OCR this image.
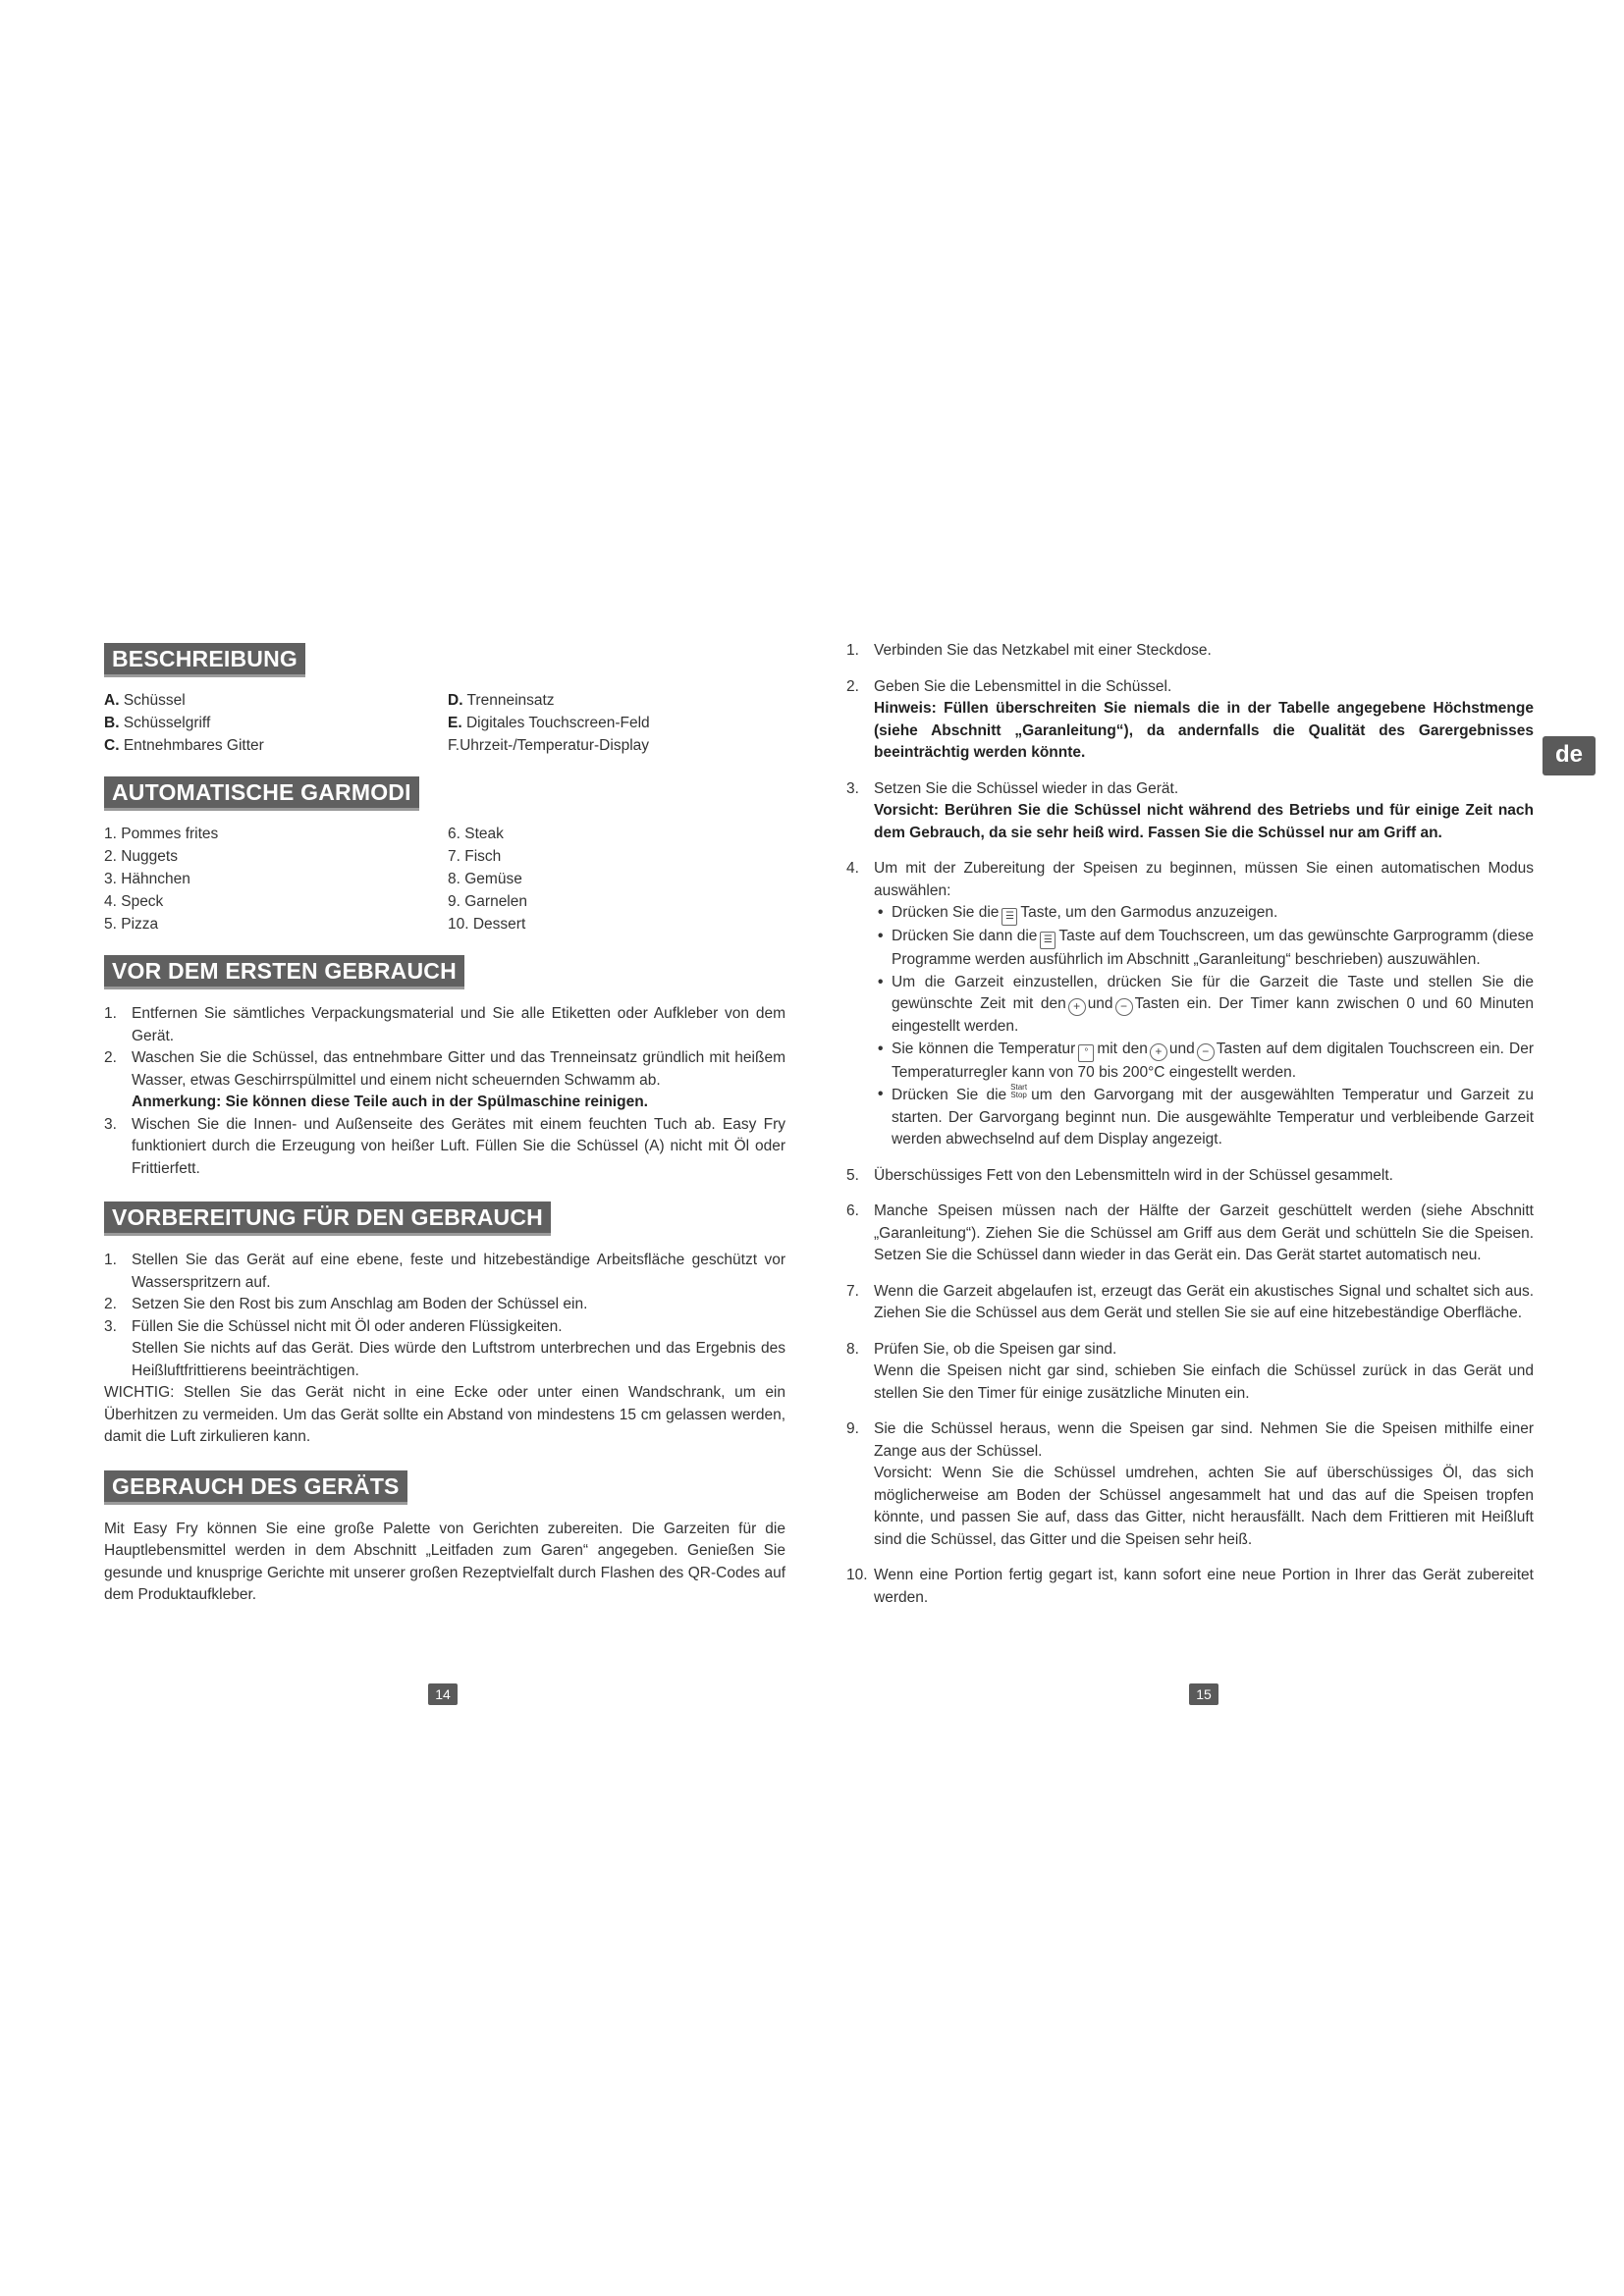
BESCHREIBUNG
A. Schüssel	D. Trenneinsatz
B. Schüsselgriff	E. Digitales Touchscreen-Feld
C. Entnehmbares Gitter	F.Uhrzeit-/Temperatur-Display
AUTOMATISCHE GARMODI
1. Pommes frites	6. Steak
2. Nuggets	7. Fisch
3. Hähnchen	8. Gemüse
4. Speck	9. Garnelen
5. Pizza	10. Dessert
VOR DEM ERSTEN GEBRAUCH
1. Entfernen Sie sämtliches Verpackungsmaterial und Sie alle Etiketten oder Aufkleber von dem Gerät.
2. Waschen Sie die Schüssel, das entnehmbare Gitter und das Trenneinsatz gründlich mit heißem Wasser, etwas Geschirrspülmittel und einem nicht scheuernden Schwamm ab.
Anmerkung: Sie können diese Teile auch in der Spülmaschine reinigen.
3. Wischen Sie die Innen- und Außenseite des Gerätes mit einem feuchten Tuch ab. Easy Fry funktioniert durch die Erzeugung von heißer Luft. Füllen Sie die Schüssel (A) nicht mit Öl oder Frittierfett.
VORBEREITUNG FÜR DEN GEBRAUCH
1. Stellen Sie das Gerät auf eine ebene, feste und hitzebeständige Arbeitsfläche geschützt vor Wasserspritzern auf.
2. Setzen Sie den Rost bis zum Anschlag am Boden der Schüssel ein.
3. Füllen Sie die Schüssel nicht mit Öl oder anderen Flüssigkeiten.
Stellen Sie nichts auf das Gerät. Dies würde den Luftstrom unterbrechen und das Ergebnis des Heißluftfrittierens beeinträchtigen.

WICHTIG: Stellen Sie das Gerät nicht in eine Ecke oder unter einen Wandschrank, um ein Überhitzen zu vermeiden. Um das Gerät sollte ein Abstand von mindestens 15 cm gelassen werden, damit die Luft zirkulieren kann.

GEBRAUCH DES GERÄTS

Mit Easy Fry können Sie eine große Palette von Gerichten zubereiten. Die Garzeiten für die Hauptlebensmittel werden in dem Abschnitt „Leitfaden zum Garen“ angegeben. Genießen Sie gesunde und knusprige Gerichte mit unserer großen Rezeptvielfalt durch Flashen des QR-Codes auf dem Produktaufkleber.

1. Verbinden Sie das Netzkabel mit einer Steckdose.
2. Geben Sie die Lebensmittel in die Schüssel.
Hinweis: Füllen überschreiten Sie niemals die in der Tabelle angegebene Höchstmenge (siehe Abschnitt „Garanleitung“), da andernfalls die Qualität des Garergebnisses beeinträchtig werden könnte.
3. Setzen Sie die Schüssel wieder in das Gerät.
Vorsicht: Berühren Sie die Schüssel nicht während des Betriebs und für einige Zeit nach dem Gebrauch, da sie sehr heiß wird. Fassen Sie die Schüssel nur am Griff an.
4. Um mit der Zubereitung der Speisen zu beginnen, müssen Sie einen automatischen Modus auswählen:
• Drücken Sie die ☰ Taste, um den Garmodus anzuzeigen.
• Drücken Sie dann die ☰ Taste auf dem Touchscreen, um das gewünschte Garprogramm (diese Programme werden ausführlich im Abschnitt „Garanleitung“ beschrieben) auszuwählen.
• Um die Garzeit einzustellen, drücken Sie für die Garzeit die Taste und stellen Sie die gewünschte Zeit mit den + und − Tasten ein. Der Timer kann zwischen 0 und 60 Minuten eingestellt werden.
• Sie können die Temperatur ° mit den + und − Tasten auf dem digitalen Touchscreen ein. Der Temperaturregler kann von 70 bis 200°C eingestellt werden.
• Drücken Sie die Start
Stop um den Garvorgang mit der ausgewählten Temperatur und Garzeit zu starten. Der Garvorgang beginnt nun. Die ausgewählte Temperatur und verbleibende Garzeit werden abwechselnd auf dem Display angezeigt.
5. Überschüssiges Fett von den Lebensmitteln wird in der Schüssel gesammelt.
6. Manche Speisen müssen nach der Hälfte der Garzeit geschüttelt werden (siehe Abschnitt „Garanleitung“). Ziehen Sie die Schüssel am Griff aus dem Gerät und schütteln Sie die Speisen. Setzen Sie die Schüssel dann wieder in das Gerät ein. Das Gerät startet automatisch neu.
7. Wenn die Garzeit abgelaufen ist, erzeugt das Gerät ein akustisches Signal und schaltet sich aus. Ziehen Sie die Schüssel aus dem Gerät und stellen Sie sie auf eine hitzebeständige Oberfläche.
8. Prüfen Sie, ob die Speisen gar sind.
Wenn die Speisen nicht gar sind, schieben Sie einfach die Schüssel zurück in das Gerät und stellen Sie den Timer für einige zusätzliche Minuten ein.
9. Sie die Schüssel heraus, wenn die Speisen gar sind. Nehmen Sie die Speisen mithilfe einer Zange aus der Schüssel.
Vorsicht: Wenn Sie die Schüssel umdrehen, achten Sie auf überschüssiges Öl, das sich möglicherweise am Boden der Schüssel angesammelt hat und das auf die Speisen tropfen könnte, und passen Sie auf, dass das Gitter, nicht herausfällt. Nach dem Frittieren mit Heißluft sind die Schüssel, das Gitter und die Speisen sehr heiß.
10. Wenn eine Portion fertig gegart ist, kann sofort eine neue Portion in Ihrer das Gerät zubereitet werden.
de
14	15
